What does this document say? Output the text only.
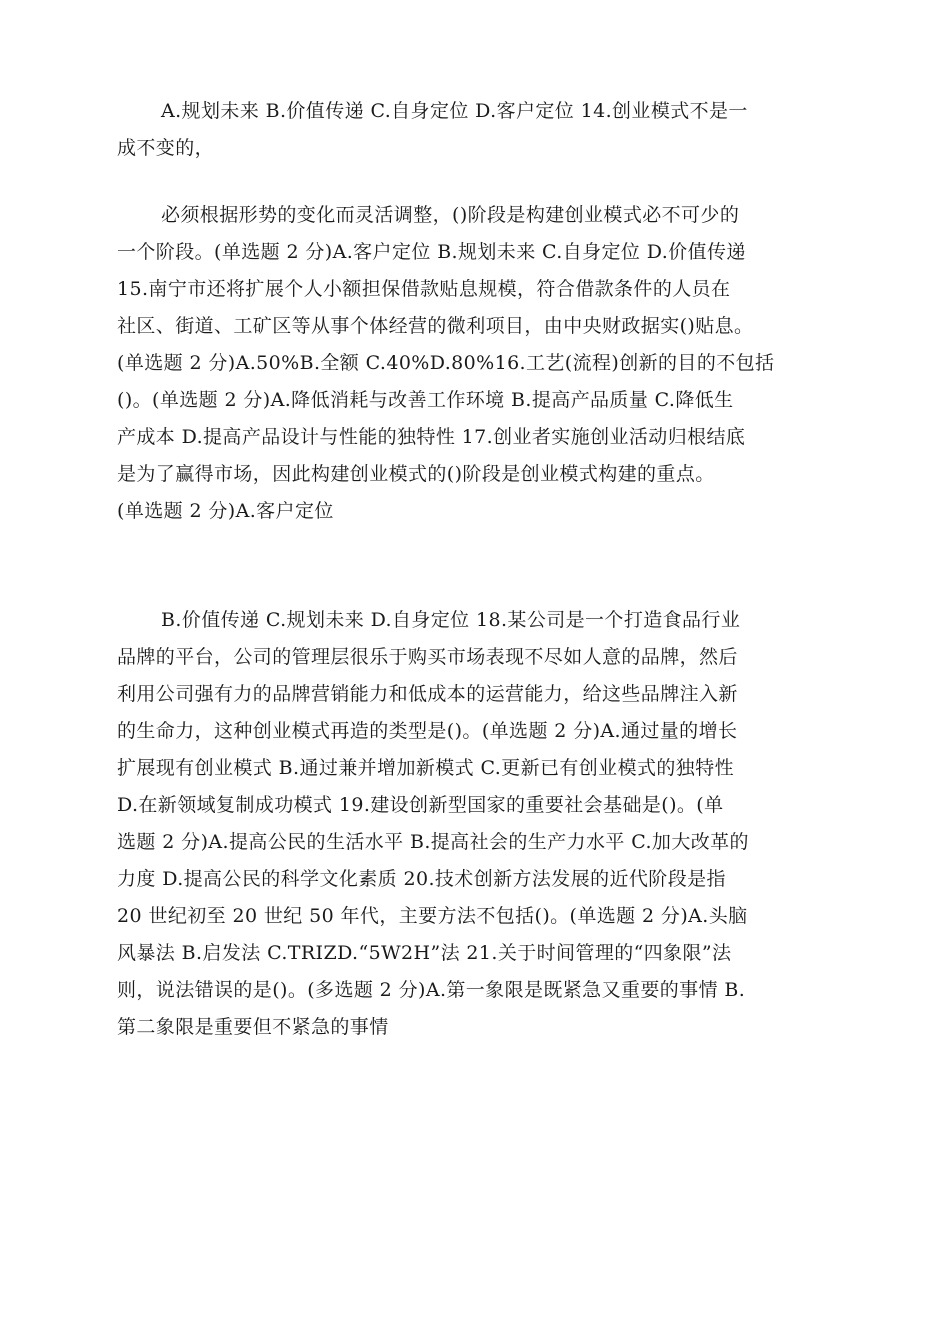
A.规划未来 B.价值传递 C.自身定位 D.客户定位 14.创业模式不是一
成不变的，
必须根据形势的变化而灵活调整，()阶段是构建创业模式必不可少的
一个阶段。(单选题 2 分)A.客户定位 B.规划未来 C.自身定位 D.价值传递
15.南宁市还将扩展个人小额担保借款贴息规模，符合借款条件的人员在
社区、街道、工矿区等从事个体经营的微利项目，由中央财政据实()贴息。
(单选题 2 分)A.50%B.全额 C.40%D.80%16.工艺(流程)创新的目的不包括
()。(单选题 2 分)A.降低消耗与改善工作环境 B.提高产品质量 C.降低生
产成本 D.提高产品设计与性能的独特性 17.创业者实施创业活动归根结底
是为了赢得市场，因此构建创业模式的()阶段是创业模式构建的重点。
(单选题 2 分)A.客户定位
B.价值传递 C.规划未来 D.自身定位 18.某公司是一个打造食品行业
品牌的平台，公司的管理层很乐于购买市场表现不尽如人意的品牌，然后
利用公司强有力的品牌营销能力和低成本的运营能力，给这些品牌注入新
的生命力，这种创业模式再造的类型是()。(单选题 2 分)A.通过量的增长
扩展现有创业模式 B.通过兼并增加新模式 C.更新已有创业模式的独特性
D.在新领域复制成功模式 19.建设创新型国家的重要社会基础是()。(单
选题 2 分)A.提高公民的生活水平 B.提高社会的生产力水平 C.加大改革的
力度 D.提高公民的科学文化素质 20.技术创新方法发展的近代阶段是指
20 世纪初至 20 世纪 50 年代，主要方法不包括()。(单选题 2 分)A.头脑
风暴法 B.启发法 C.TRIZD.“5W2H”法 21.关于时间管理的“四象限”法
则，说法错误的是()。(多选题 2 分)A.第一象限是既紧急又重要的事情 B.
第二象限是重要但不紧急的事情
